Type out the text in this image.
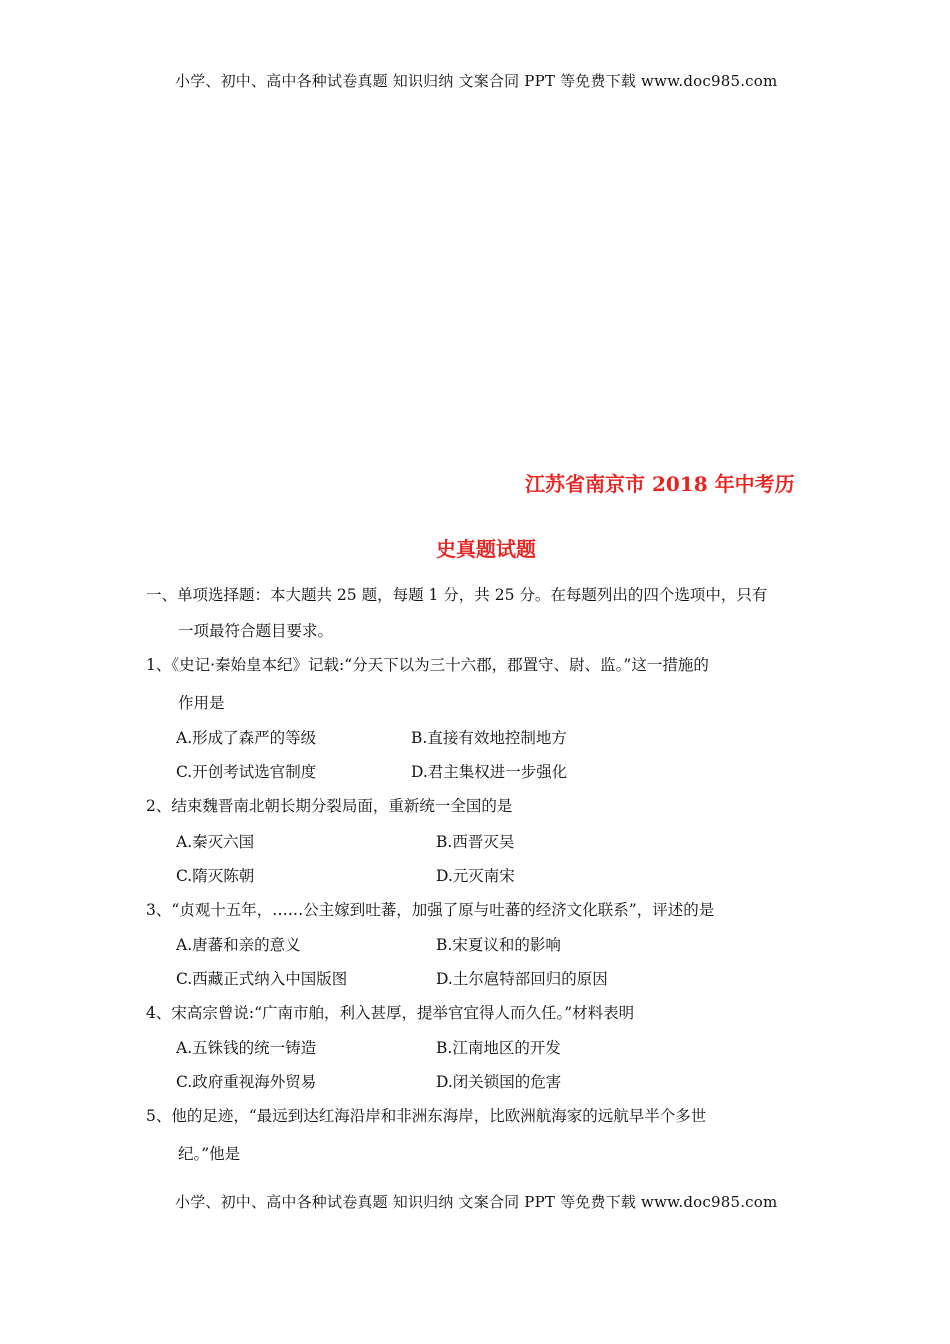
小学、初中、高中各种试卷真题 知识归纳 文案合同 PPT 等免费下载 www.doc985.com
江苏省南京市 2018 年中考历
史真题试题
一、单项选择题：本大题共 25 题，每题 1 分，共 25 分。在每题列出的四个选项中，只有
一项最符合题目要求。
1、《史记·秦始皇本纪》记载:“分天下以为三十六郡，郡置守、尉、监。”这一措施的
作用是
A.形成了森严的等级	B.直接有效地控制地方
C.开创考试选官制度	D.君主集权进一步强化
2、结束魏晋南北朝长期分裂局面，重新统一全国的是
A.秦灭六国	B.西晋灭吴
C.隋灭陈朝	D.元灭南宋
3、“贞观十五年，……公主嫁到吐蕃，加强了原与吐蕃的经济文化联系”，评述的是
A.唐蕃和亲的意义	B.宋夏议和的影响
C.西藏正式纳入中国版图	D.土尔扈特部回归的原因
4、宋高宗曾说:“广南市舶，利入甚厚，提举官宜得人而久任。”材料表明
A.五铢钱的统一铸造	B.江南地区的开发
C.政府重视海外贸易	D.闭关锁国的危害
5、他的足迹，“最远到达红海沿岸和非洲东海岸，比欧洲航海家的远航早半个多世
纪。”他是
小学、初中、高中各种试卷真题 知识归纳 文案合同 PPT 等免费下载 www.doc985.com
